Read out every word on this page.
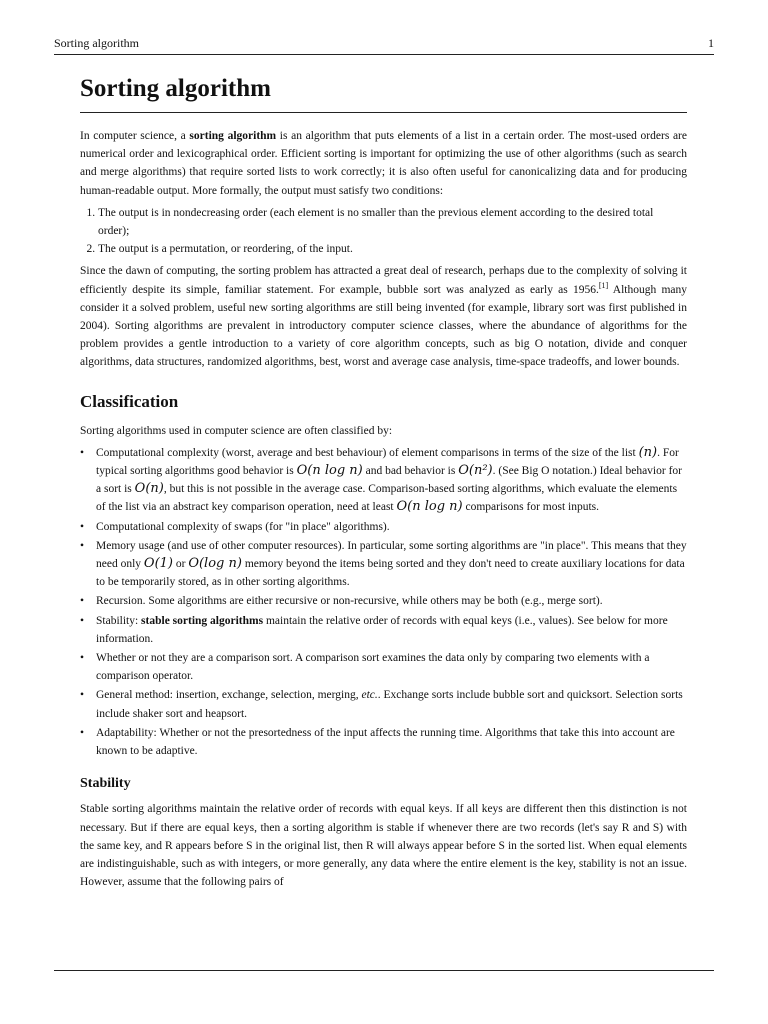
Sorting algorithm	1
Sorting algorithm

In computer science, a sorting algorithm is an algorithm that puts elements of a list in a certain order. The most-used orders are numerical order and lexicographical order. Efficient sorting is important for optimizing the use of other algorithms (such as search and merge algorithms) that require sorted lists to work correctly; it is also often useful for canonicalizing data and for producing human-readable output. More formally, the output must satisfy two conditions:

1. The output is in nondecreasing order (each element is no smaller than the previous element according to the desired total order);
2. The output is a permutation, or reordering, of the input.

Since the dawn of computing, the sorting problem has attracted a great deal of research, perhaps due to the complexity of solving it efficiently despite its simple, familiar statement. For example, bubble sort was analyzed as early as 1956.[1] Although many consider it a solved problem, useful new sorting algorithms are still being invented (for example, library sort was first published in 2004). Sorting algorithms are prevalent in introductory computer science classes, where the abundance of algorithms for the problem provides a gentle introduction to a variety of core algorithm concepts, such as big O notation, divide and conquer algorithms, data structures, randomized algorithms, best, worst and average case analysis, time-space tradeoffs, and lower bounds.

Classification

Sorting algorithms used in computer science are often classified by:

• Computational complexity (worst, average and best behaviour) of element comparisons in terms of the size of the list (n). For typical sorting algorithms good behavior is O(n log n) and bad behavior is O(n²). (See Big O notation.) Ideal behavior for a sort is O(n), but this is not possible in the average case. Comparison-based sorting algorithms, which evaluate the elements of the list via an abstract key comparison operation, need at least O(n log n) comparisons for most inputs.
• Computational complexity of swaps (for "in place" algorithms).
• Memory usage (and use of other computer resources). In particular, some sorting algorithms are "in place". This means that they need only O(1) or O(log n) memory beyond the items being sorted and they don't need to create auxiliary locations for data to be temporarily stored, as in other sorting algorithms.
• Recursion. Some algorithms are either recursive or non-recursive, while others may be both (e.g., merge sort).
• Stability: stable sorting algorithms maintain the relative order of records with equal keys (i.e., values). See below for more information.
• Whether or not they are a comparison sort. A comparison sort examines the data only by comparing two elements with a comparison operator.
• General method: insertion, exchange, selection, merging, etc.. Exchange sorts include bubble sort and quicksort. Selection sorts include shaker sort and heapsort.
• Adaptability: Whether or not the presortedness of the input affects the running time. Algorithms that take this into account are known to be adaptive.
Stability

Stable sorting algorithms maintain the relative order of records with equal keys. If all keys are different then this distinction is not necessary. But if there are equal keys, then a sorting algorithm is stable if whenever there are two records (let's say R and S) with the same key, and R appears before S in the original list, then R will always appear before S in the sorted list. When equal elements are indistinguishable, such as with integers, or more generally, any data where the entire element is the key, stability is not an issue. However, assume that the following pairs of
